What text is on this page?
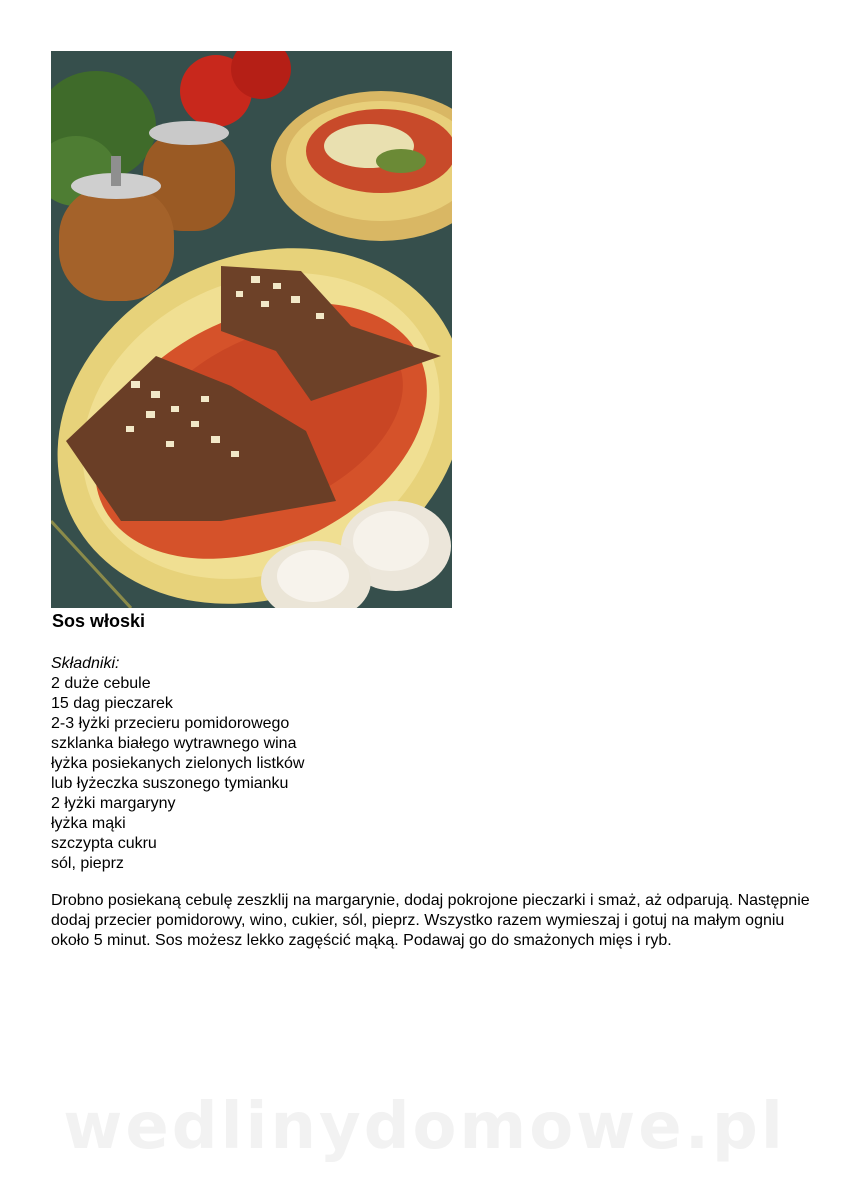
Sos włoski
Składniki:
2 duże cebule
15 dag pieczarek
2-3 łyżki przecieru pomidorowego
szklanka białego wytrawnego wina
łyżka posiekanych zielonych listków
lub łyżeczka suszonego tymianku
2 łyżki margaryny
łyżka mąki
szczypta cukru
sól, pieprz

Drobno posiekaną cebulę zeszklij na margarynie, dodaj pokrojone pieczarki i smaż, aż odparują. Następnie dodaj przecier pomidorowy, wino, cukier, sól, pieprz. Wszystko razem wymieszaj i gotuj na małym ogniu około 5 minut. Sos możesz lekko zagęścić mąką. Podawaj go do smażonych mięs i ryb.

wedlinydomowe.pl
